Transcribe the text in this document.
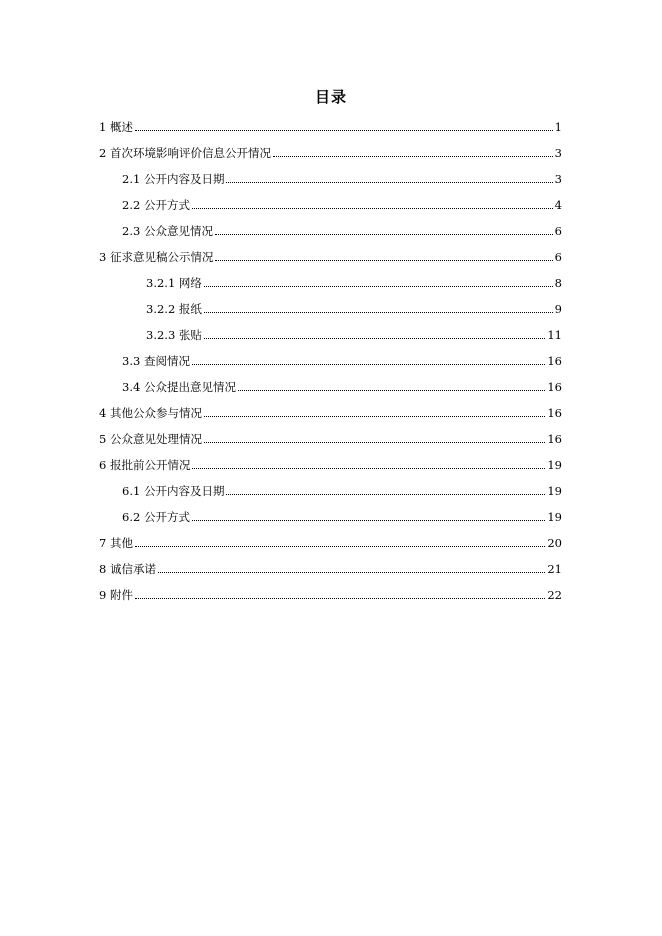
目录
1 概述	1
2 首次环境影响评价信息公开情况	3
2.1 公开内容及日期	3
2.2 公开方式	4
2.3 公众意见情况	6
3 征求意见稿公示情况	6
3.2.1 网络	8
3.2.2 报纸	9
3.2.3 张贴	11
3.3 查阅情况	16
3.4 公众提出意见情况	16
4 其他公众参与情况	16
5 公众意见处理情况	16
6 报批前公开情况	19
6.1 公开内容及日期	19
6.2 公开方式	19
7 其他	20
8 诚信承诺	21
9 附件	22
